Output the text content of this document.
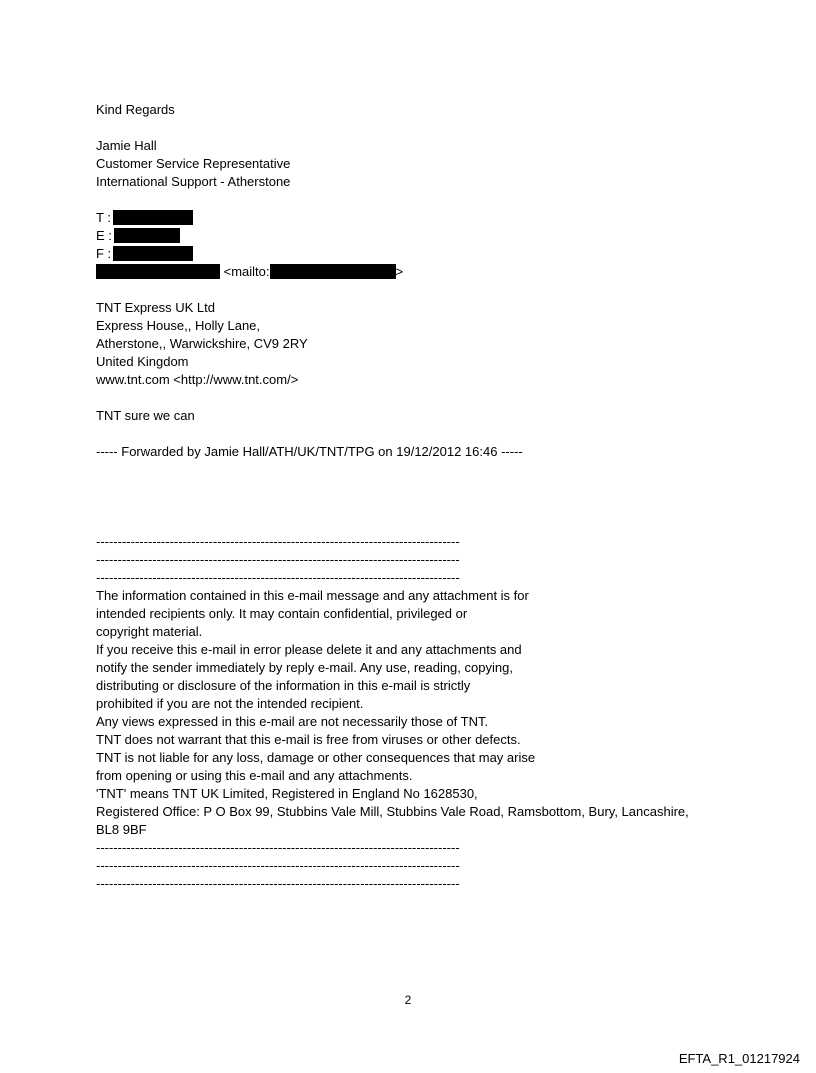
Kind Regards
Jamie Hall
Customer Service Representative
International Support - Atherstone
T :
E :
F :
<mailto:	>
TNT Express UK Ltd
Express House,, Holly Lane,
Atherstone,, Warwickshire, CV9 2RY
United Kingdom
www.tnt.com <http://www.tnt.com/>
TNT sure we can
----- Forwarded by Jamie Hall/ATH/UK/TNT/TPG on 19/12/2012 16:46 -----
------------------------------------------------------------------------------------
------------------------------------------------------------------------------------
------------------------------------------------------------------------------------
The information contained in this e-mail message and any attachment is for
intended recipients only. It may contain confidential, privileged or
copyright material.
If you receive this e-mail in error please delete it and any attachments and
notify the sender immediately by reply e-mail. Any use, reading, copying,
distributing or disclosure of the information in this e-mail is strictly
prohibited if you are not the intended recipient.
Any views expressed in this e-mail are not necessarily those of TNT.
TNT does not warrant that this e-mail is free from viruses or other defects.
TNT is not liable for any loss, damage or other consequences that may arise
from opening or using this e-mail and any attachments.
'TNT' means TNT UK Limited, Registered in England No 1628530,
Registered Office: P O Box 99, Stubbins Vale Mill, Stubbins Vale Road, Ramsbottom, Bury, Lancashire,
BL8 9BF
------------------------------------------------------------------------------------
------------------------------------------------------------------------------------
------------------------------------------------------------------------------------
2
EFTA_R1_01217924
